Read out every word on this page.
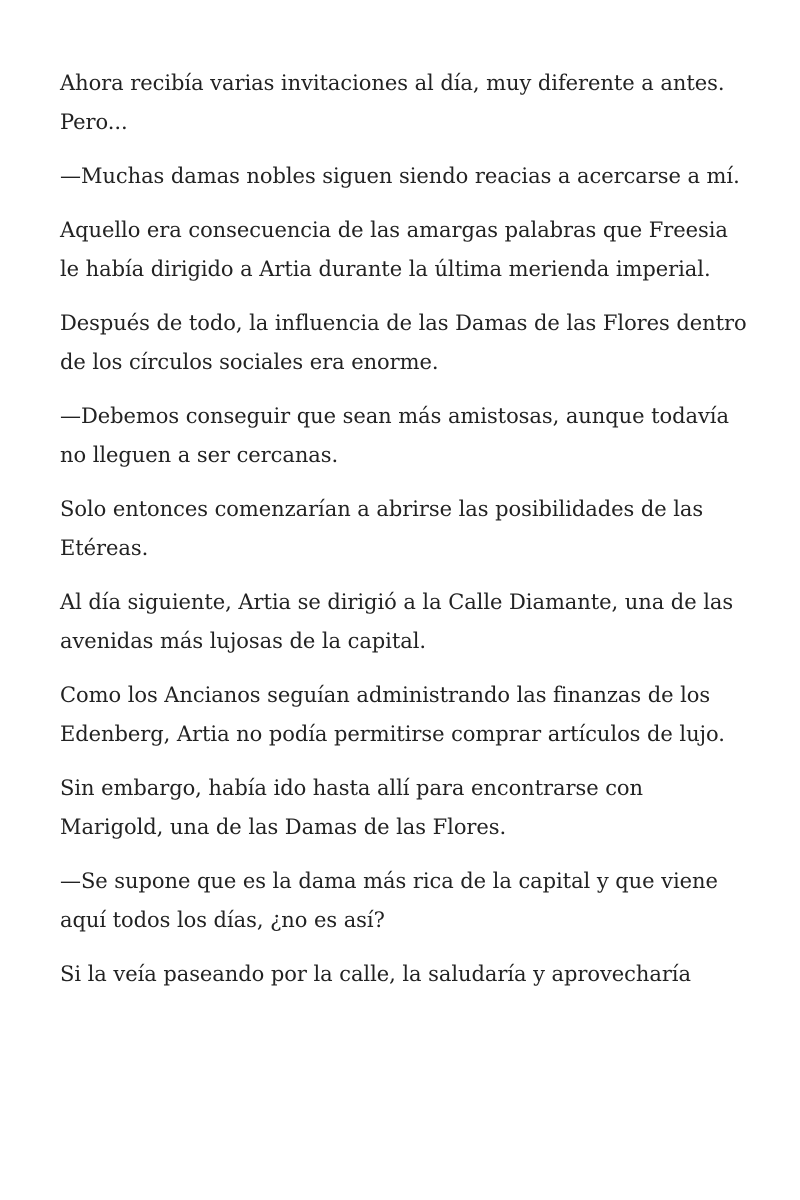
Ahora recibía varias invitaciones al día, muy diferente a antes. Pero...

—Muchas damas nobles siguen siendo reacias a acercarse a mí.

Aquello era consecuencia de las amargas palabras que Freesia le había dirigido a Artia durante la última merienda imperial.

Después de todo, la influencia de las Damas de las Flores dentro de los círculos sociales era enorme.

—Debemos conseguir que sean más amistosas, aunque todavía no lleguen a ser cercanas.

Solo entonces comenzarían a abrirse las posibilidades de las Etéreas.

Al día siguiente, Artia se dirigió a la Calle Diamante, una de las avenidas más lujosas de la capital.

Como los Ancianos seguían administrando las finanzas de los Edenberg, Artia no podía permitirse comprar artículos de lujo.

Sin embargo, había ido hasta allí para encontrarse con Marigold, una de las Damas de las Flores.

—Se supone que es la dama más rica de la capital y que viene aquí todos los días, ¿no es así?

Si la veía paseando por la calle, la saludaría y aprovecharía
